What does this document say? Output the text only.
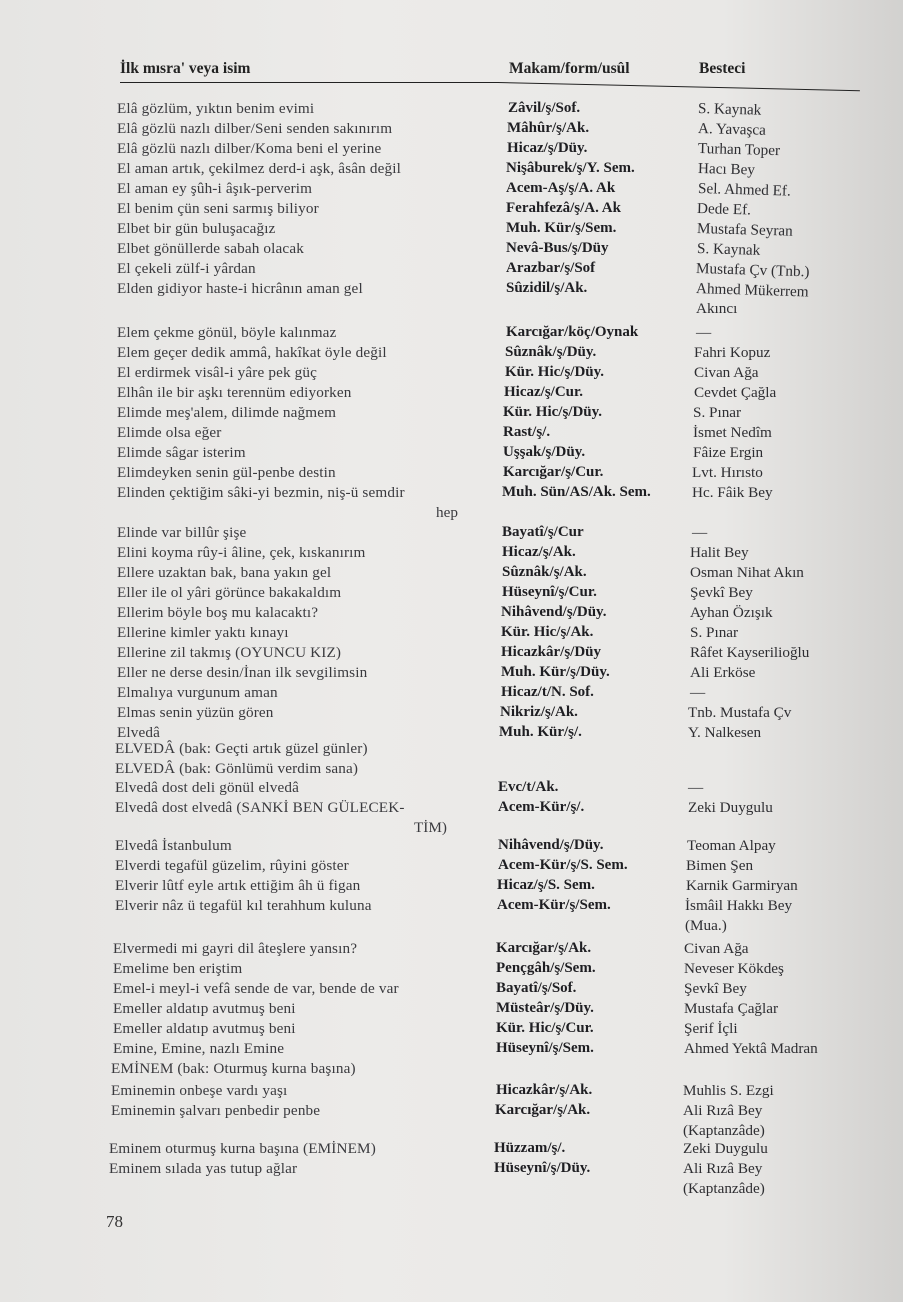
İlk mısra' veya isim	Makam/form/usûl	Besteci
Elâ gözlüm, yıktın benim evimi	Zâvil/ş/Sof.	S. Kaynak
Elâ gözlü nazlı dilber/Seni senden sakınırım	Mâhûr/ş/Ak.	A. Yavaşca
Elâ gözlü nazlı dilber/Koma beni el yerine	Hicaz/ş/Düy.	Turhan Toper
El aman artık, çekilmez derd-i aşk, âsân değil	Nişâburek/ş/Y. Sem.	Hacı Bey
El aman ey şûh-i âşık-perverim	Acem-Aş/ş/A. Ak	Sel. Ahmed Ef.
El benim çün seni sarmış biliyor	Ferahfezâ/ş/A. Ak	Dede Ef.
Elbet bir gün buluşacağız	Muh. Kür/ş/Sem.	Mustafa Seyran
Elbet gönüllerde sabah olacak	Nevâ-Bus/ş/Düy	S. Kaynak
El çekeli zülf-i yârdan	Arazbar/ş/Sof	Mustafa Çv (Tnb.)
Elden gidiyor haste-i hicrânın aman gel	Sûzidil/ş/Ak.	Ahmed Mükerrem
Akıncı
Elem çekme gönül, böyle kalınmaz	Karcığar/köç/Oynak	—
Elem geçer dedik ammâ, hakîkat öyle değil	Sûznâk/ş/Düy.	Fahri Kopuz
El erdirmek visâl-i yâre pek güç	Kür. Hic/ş/Düy.	Civan Ağa
Elhân ile bir aşkı terennüm ediyorken	Hicaz/ş/Cur.	Cevdet Çağla
Elimde meş'alem, dilimde nağmem	Kür. Hic/ş/Düy.	S. Pınar
Elimde olsa eğer	Rast/ş/.	İsmet Nedîm
Elimde sâgar isterim	Uşşak/ş/Düy.	Fâize Ergin
Elimdeyken senin gül-penbe destin	Karcığar/ş/Cur.	Lvt. Hırısto
Elinden çektiğim sâki-yi bezmin, niş-ü semdir	Muh. Sün/AS/Ak. Sem.	Hc. Fâik Bey
hep
Elinde var billûr şişe	Bayatî/ş/Cur	—
Elini koyma rûy-i âline, çek, kıskanırım	Hicaz/ş/Ak.	Halit Bey
Ellere uzaktan bak, bana yakın gel	Sûznâk/ş/Ak.	Osman Nihat Akın
Eller ile ol yâri görünce bakakaldım	Hüseynî/ş/Cur.	Şevkî Bey
Ellerim böyle boş mu kalacaktı?	Nihâvend/ş/Düy.	Ayhan Özışık
Ellerine kimler yaktı kınayı	Kür. Hic/ş/Ak.	S. Pınar
Ellerine zil takmış (OYUNCU KIZ)	Hicazkâr/ş/Düy	Râfet Kayserilioğlu
Eller ne derse desin/İnan ilk sevgilimsin	Muh. Kür/ş/Düy.	Ali Erköse
Elmalıya vurgunum aman	Hicaz/t/N. Sof.	—
Elmas senin yüzün gören	Nikriz/ş/Ak.	Tnb. Mustafa Çv
Elvedâ	Muh. Kür/ş/.	Y. Nalkesen
ELVEDÂ (bak: Geçti artık güzel günler)
ELVEDÂ (bak: Gönlümü verdim sana)
Elvedâ dost deli gönül elvedâ	Evc/t/Ak.	—
Elvedâ dost elvedâ (SANKİ BEN GÜLECEK-	Acem-Kür/ş/.	Zeki Duygulu
TİM)
Elvedâ İstanbulum	Nihâvend/ş/Düy.	Teoman Alpay
Elverdi tegafül güzelim, rûyini göster	Acem-Kür/ş/S. Sem.	Bimen Şen
Elverir lûtf eyle artık ettiğim âh ü figan	Hicaz/ş/S. Sem.	Karnik Garmiryan
Elverir nâz ü tegafül kıl terahhum kuluna	Acem-Kür/ş/Sem.	İsmâil Hakkı Bey
(Mua.)
Elvermedi mi gayri dil âteşlere yansın?	Karcığar/ş/Ak.	Civan Ağa
Emelime ben eriştim	Pençgâh/ş/Sem.	Neveser Kökdeş
Emel-i meyl-i vefâ sende de var, bende de var	Bayatî/ş/Sof.	Şevkî Bey
Emeller aldatıp avutmuş beni	Müsteâr/ş/Düy.	Mustafa Çağlar
Emeller aldatıp avutmuş beni	Kür. Hic/ş/Cur.	Şerif İçli
Emine, Emine, nazlı Emine	Hüseynî/ş/Sem.	Ahmed Yektâ Madran
EMİNEM (bak: Oturmuş kurna başına)
Eminemin onbeşe vardı yaşı	Hicazkâr/ş/Ak.	Muhlis S. Ezgi
Eminemin şalvarı penbedir penbe	Karcığar/ş/Ak.	Ali Rızâ Bey
(Kaptanzâde)
Eminem oturmuş kurna başına (EMİNEM)	Hüzzam/ş/.	Zeki Duygulu
Eminem sılada yas tutup ağlar	Hüseynî/ş/Düy.	Ali Rızâ Bey
(Kaptanzâde)
78
